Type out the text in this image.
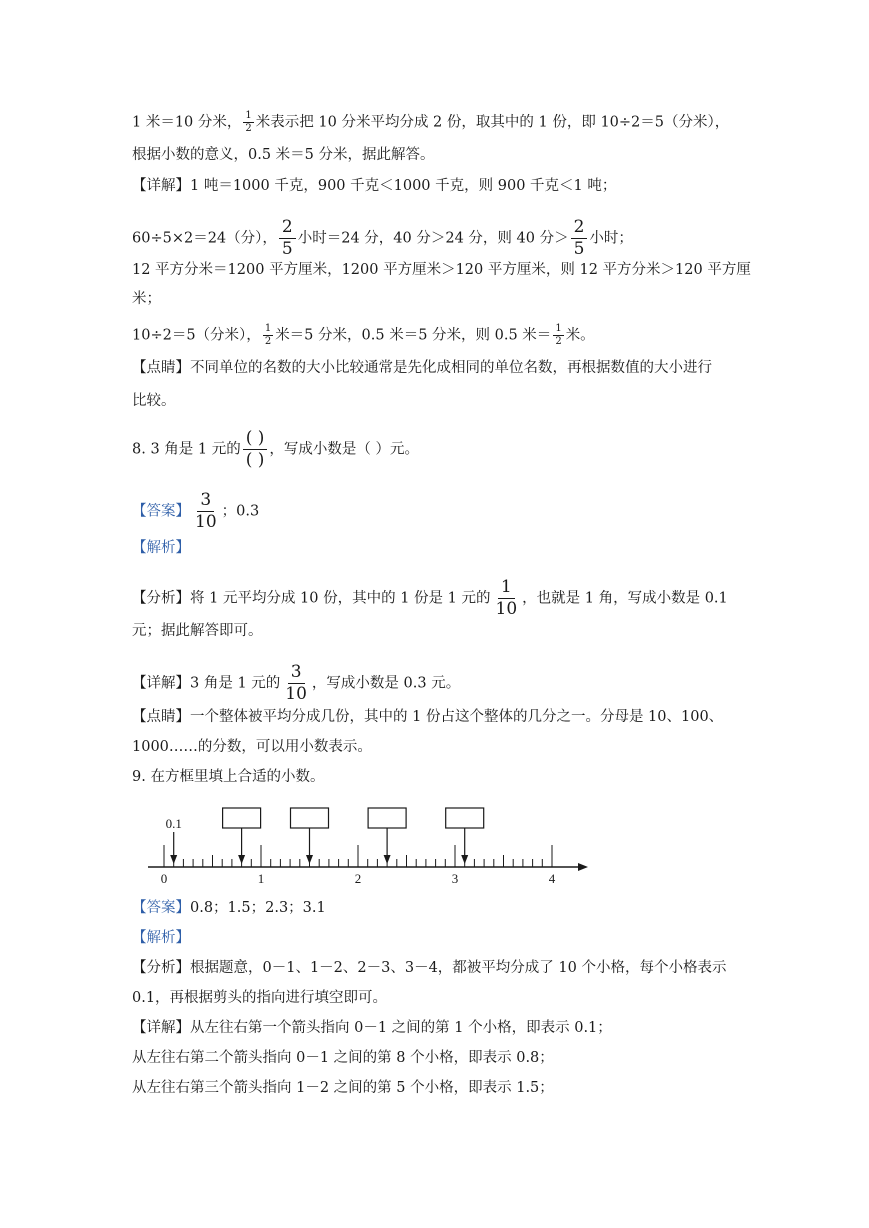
1 米＝10 分米， $\frac{1}{2}$ 米表示把 10 分米平均分成 2 份，取其中的 1 份，即 10÷2＝5（分米），
根据小数的意义，0.5 米＝5 分米，据此解答。
【详解】1 吨＝1000 千克，900 千克＜1000 千克，则 900 千克＜1 吨；
60÷5×2＝24（分）， $\frac{2}{5}$ 小时＝24 分，40 分＞24 分，则 40 分＞ $\frac{2}{5}$ 小时；
12 平方分米＝1200 平方厘米，1200 平方厘米＞120 平方厘米，则 12 平方分米＞120 平方厘
米；
10÷2＝5（分米）， $\frac{1}{2}$ 米＝5 分米，0.5 米＝5 分米，则 0.5 米＝ $\frac{1}{2}$ 米。
【点睛】不同单位的名数的大小比较通常是先化成相同的单位名数，再根据数值的大小进行
比较。
8. 3 角是 1 元的 $\frac{( )}{( )}$ ，写成小数是（ ）元。
【答案】 $\frac{3}{10}$ ；0.3
【解析】
【分析】将 1 元平均分成 10 份，其中的 1 份是 1 元的 $\frac{1}{10}$ ，也就是 1 角，写成小数是 0.1
元；据此解答即可。
【详解】3 角是 1 元的 $\frac{3}{10}$ ，写成小数是 0.3 元。
【点睛】一个整体被平均分成几份，其中的 1 份占这个整体的几分之一。分母是 10、100、
1000……的分数，可以用小数表示。
9. 在方框里填上合适的小数。
0	1	2	3	4
0.1
【答案】0.8；1.5；2.3；3.1
【解析】
【分析】根据题意，0－1、1－2、2－3、3－4，都被平均分成了 10 个小格，每个小格表示
0.1，再根据剪头的指向进行填空即可。
【详解】从左往右第一个箭头指向 0－1 之间的第 1 个小格，即表示 0.1；
从左往右第二个箭头指向 0－1 之间的第 8 个小格，即表示 0.8；
从左往右第三个箭头指向 1－2 之间的第 5 个小格，即表示 1.5；
